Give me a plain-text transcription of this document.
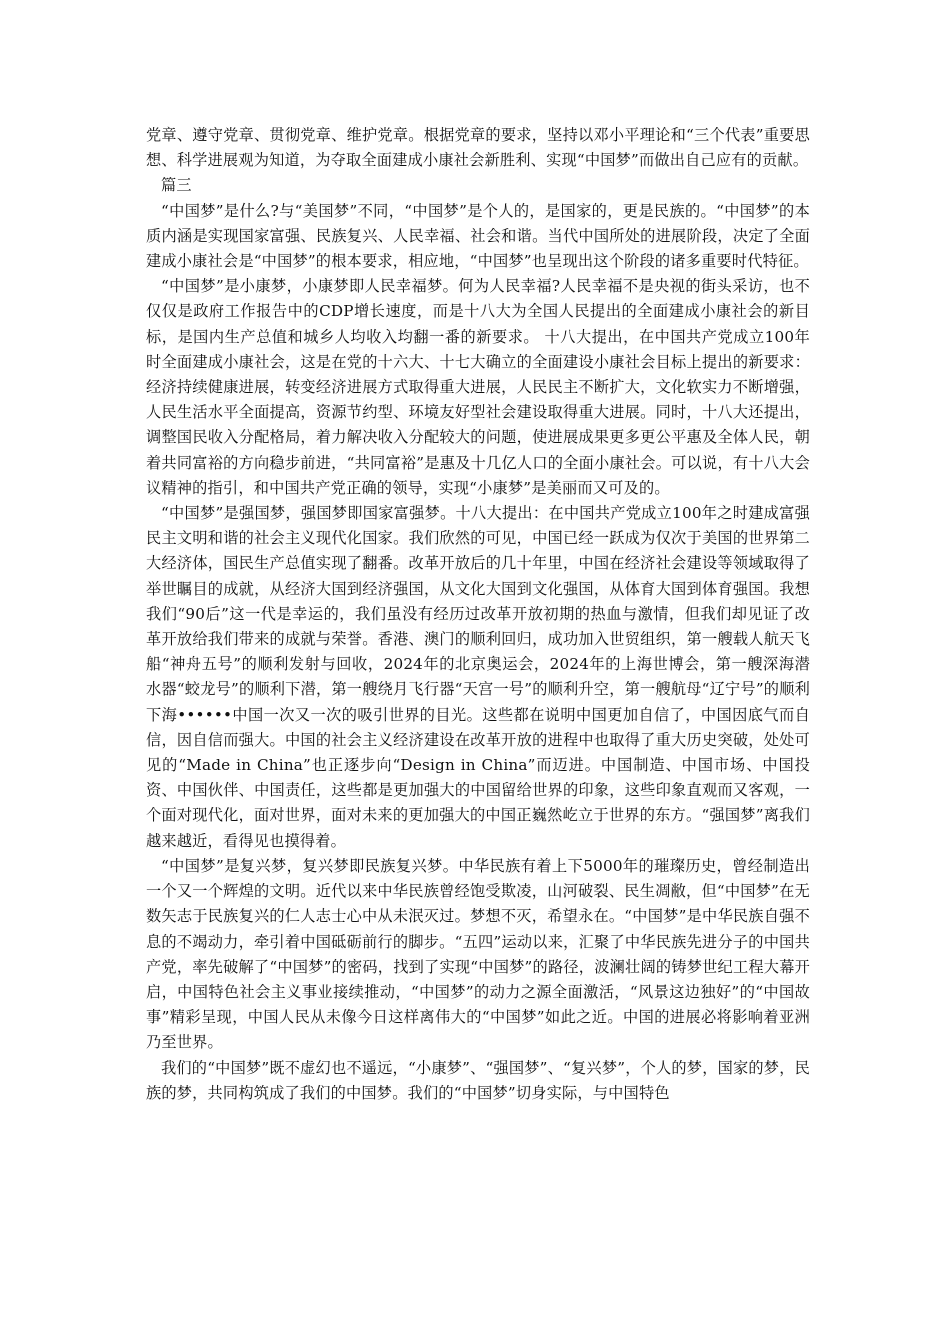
党章、遵守党章、贯彻党章、维护党章。根据党章的要求，坚持以邓小平理论和“三个代表”重要思想、科学进展观为知道，为夺取全面建成小康社会新胜利、实现“中国梦”而做出自己应有的贡献。

篇三

“中国梦”是什么?与“美国梦”不同，“中国梦”是个人的，是国家的，更是民族的。“中国梦”的本质内涵是实现国家富强、民族复兴、人民幸福、社会和谐。当代中国所处的进展阶段，决定了全面建成小康社会是“中国梦”的根本要求，相应地，“中国梦”也呈现出这个阶段的诸多重要时代特征。

“中国梦”是小康梦，小康梦即人民幸福梦。何为人民幸福?人民幸福不是央视的街头采访，也不仅仅是政府工作报告中的CDP增长速度，而是十八大为全国人民提出的全面建成小康社会的新目标，是国内生产总值和城乡人均收入均翻一番的新要求。 十八大提出，在中国共产党成立100年时全面建成小康社会，这是在党的十六大、十七大确立的全面建设小康社会目标上提出的新要求：经济持续健康进展，转变经济进展方式取得重大进展，人民民主不断扩大，文化软实力不断增强，人民生活水平全面提高，资源节约型、环境友好型社会建设取得重大进展。同时，十八大还提出，调整国民收入分配格局，着力解决收入分配较大的问题，使进展成果更多更公平惠及全体人民，朝着共同富裕的方向稳步前进，“共同富裕”是惠及十几亿人口的全面小康社会。可以说，有十八大会议精神的指引，和中国共产党正确的领导，实现“小康梦”是美丽而又可及的。

“中国梦”是强国梦，强国梦即国家富强梦。十八大提出：在中国共产党成立100年之时建成富强民主文明和谐的社会主义现代化国家。我们欣然的可见，中国已经一跃成为仅次于美国的世界第二大经济体，国民生产总值实现了翻番。改革开放后的几十年里，中国在经济社会建设等领域取得了举世瞩目的成就，从经济大国到经济强国，从文化大国到文化强国，从体育大国到体育强国。我想我们“90后”这一代是幸运的，我们虽没有经历过改革开放初期的热血与激情，但我们却见证了改革开放给我们带来的成就与荣誉。香港、澳门的顺利回归，成功加入世贸组织，第一艘载人航天飞船“神舟五号”的顺利发射与回收，2024年的北京奥运会，2024年的上海世博会，第一艘深海潜水器“蛟龙号”的顺利下潜，第一艘绕月飞行器“天宫一号”的顺利升空，第一艘航母“辽宁号”的顺利下海••••••中国一次又一次的吸引世界的目光。这些都在说明中国更加自信了，中国因底气而自信，因自信而强大。中国的社会主义经济建设在改革开放的进程中也取得了重大历史突破，处处可见的“Made in China”也正逐步向“Design in China”而迈进。中国制造、中国市场、中国投资、中国伙伴、中国责任，这些都是更加强大的中国留给世界的印象，这些印象直观而又客观，一个面对现代化，面对世界，面对未来的更加强大的中国正巍然屹立于世界的东方。“强国梦”离我们越来越近，看得见也摸得着。

“中国梦”是复兴梦，复兴梦即民族复兴梦。中华民族有着上下5000年的璀璨历史，曾经制造出一个又一个辉煌的文明。近代以来中华民族曾经饱受欺凌，山河破裂、民生凋敝，但“中国梦”在无数矢志于民族复兴的仁人志士心中从未泯灭过。梦想不灭，希望永在。“中国梦”是中华民族自强不息的不竭动力，牵引着中国砥砺前行的脚步。“五四”运动以来，汇聚了中华民族先进分子的中国共产党，率先破解了“中国梦”的密码，找到了实现“中国梦”的路径，波澜壮阔的铸梦世纪工程大幕开启，中国特色社会主义事业接续推动，“中国梦”的动力之源全面激活，“风景这边独好”的“中国故事”精彩呈现，中国人民从未像今日这样离伟大的“中国梦”如此之近。中国的进展必将影响着亚洲乃至世界。

我们的“中国梦”既不虚幻也不遥远，“小康梦”、“强国梦”、“复兴梦”，个人的梦，国家的梦，民族的梦，共同构筑成了我们的中国梦。我们的“中国梦”切身实际，与中国特色
